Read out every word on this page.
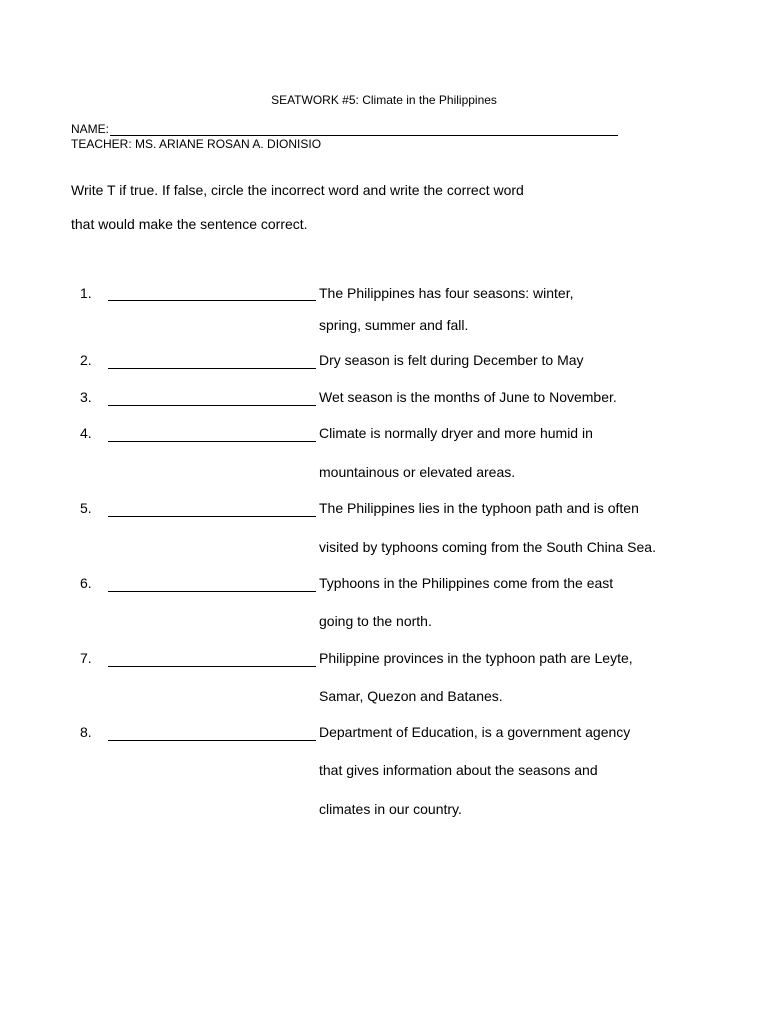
SEATWORK #5: Climate in the Philippines
NAME:
TEACHER: MS. ARIANE ROSAN A. DIONISIO
Write T if true. If false, circle the incorrect word and write the correct word
that would make the sentence correct.
1.	The Philippines has four seasons: winter,
spring, summer and fall.
2.	Dry season is felt during December to May
3.	Wet season is the months of June to November.
4.	Climate is normally dryer and more humid in
mountainous or elevated areas.
5.	The Philippines lies in the typhoon path and is often
visited by typhoons coming from the South China Sea.
6.	Typhoons in the Philippines come from the east
going to the north.
7.	Philippine provinces in the typhoon path are Leyte,
Samar, Quezon and Batanes.
8.	Department of Education, is a government agency
that gives information about the seasons and
climates in our country.
